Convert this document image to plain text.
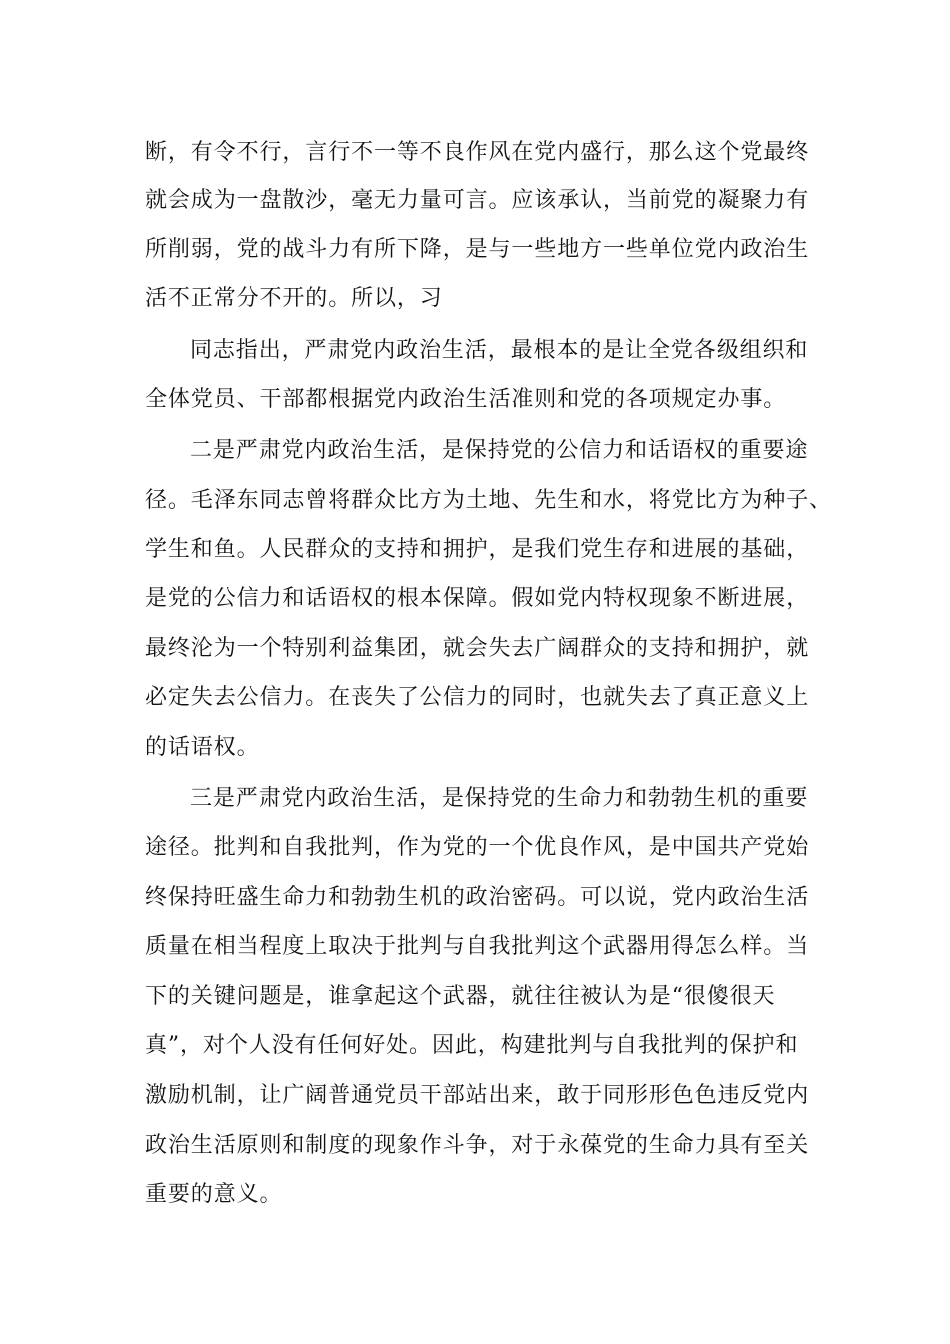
断，有令不行，言行不一等不良作风在党内盛行，那么这个党最终

就会成为一盘散沙，毫无力量可言。应该承认，当前党的凝聚力有

所削弱，党的战斗力有所下降，是与一些地方一些单位党内政治生

活不正常分不开的。所以，习

同志指出，严肃党内政治生活，最根本的是让全党各级组织和

全体党员、干部都根据党内政治生活准则和党的各项规定办事。

二是严肃党内政治生活，是保持党的公信力和话语权的重要途

径。毛泽东同志曾将群众比方为土地、先生和水，将党比方为种子、

学生和鱼。人民群众的支持和拥护，是我们党生存和进展的基础，

是党的公信力和话语权的根本保障。假如党内特权现象不断进展，

最终沦为一个特别利益集团，就会失去广阔群众的支持和拥护，就

必定失去公信力。在丧失了公信力的同时，也就失去了真正意义上

的话语权。

三是严肃党内政治生活，是保持党的生命力和勃勃生机的重要

途径。批判和自我批判，作为党的一个优良作风，是中国共产党始

终保持旺盛生命力和勃勃生机的政治密码。可以说，党内政治生活

质量在相当程度上取决于批判与自我批判这个武器用得怎么样。当

下的关键问题是，谁拿起这个武器，就往往被认为是“很傻很天

真”，对个人没有任何好处。因此，构建批判与自我批判的保护和

激励机制，让广阔普通党员干部站出来，敢于同形形色色违反党内

政治生活原则和制度的现象作斗争，对于永葆党的生命力具有至关

重要的意义。
